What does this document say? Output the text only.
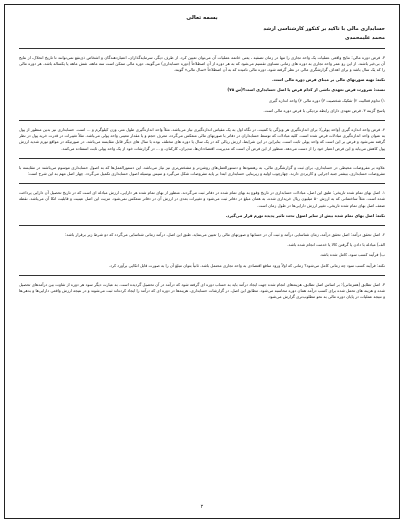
بسمه تعالی
حسابداری مالی با تاکید بر کنکور کارشناسی ارشد
محمد علیمحمدی

۳. فرض دوره مالی: نتایج واقعی عملیات یک واحد تجاری را تنها در زمان تصفیه ، یعنی خاتمه عملیات آن می‌توان تعیین کرد. از طرف دیگر، سرمایه‌گذاران، اعتباردهندگان و اشخاص ذی‌نفع نمی‌توانند تا تاریخ انحلال، از نتایج آن بی‌خبر باشند. از این رو عمر واحد تجاری به دوره های زمانی مساوی تقسیم می‌شود که به هر دوره از آن اصطلاحاً (دوره حسابداری) می‌گویند. دوره مالی ممکن است سه ماهه، شش ماهه یا یکساله باشد. هر دوره مالی را که یک سال باشد و برای اهداف گزارشگری مالی در نظر گرفته شود، دوره مالی نامیده که به آن اصطلاحاً «سال مالی» گویند.

نکته: تهیه صورتهای مالی بر مبنای فرض دوره مالی است.

تست: ضرورت فرض تعهدی ناشی از کدام فرض یا اصل حسابداری است؟(س ۷۵)

۱) تداوم فعالیت ۲) تفکیک شخصیت ۳) دوره مالی ۴) واحد اندازه گیری

پاسخ گزینه ۳. فرض تعهدی دارای رابطه نزدیکی با فرض دوره مالی است.

۴. فرض واحد اندازه گیری (واحد پولی): برای اندازه‌گیری هر ویژگی یا کمیت، در نگاه اول به یک مقیاس اندازه‌گیری نیاز می‌باشد. مثلاً واحد اندازه‌گیری طول متر، وزن کیلوگرم و ... است. حسابداری نیز بدین منظور از پول به عنوان واحد اندازه‌گیری مبادلات فرض شده است. کلیه مبادلات که توسط حسابداران در دفاتر با صورتهای مالی منعکس می‌گردد، معرف حجم و یا مقدار معینی واحد پولی می‌باشد. مثلاً تغییرات در قدرت خرید پول در نظر گرفته نمی‌شود و فرض بر این است که واحد پولی ثابت است. بنابراین در این شرایط، ارزش ریالی که در یک سال یا دوره های مختلف بوده با سال های دیگر قابل مقایسه می‌باشد. در صورتیکه در مواقع تورم شدید ارزش پول کاهش می‌یابد و این فرض اعتبار خود را از دست می‌دهد. منظور از این فرض آن است که مدیریت، اقتصاددان‌ها، مدیران، کارکنان، و ... در گزارشات خود از یک واحد پولی ثابت استفاده می‌کنند.

علاوه بر مفروضات محیطی در حسابداری، برای ثبت و گزارشگری مالی، به رهنمودها و دستورالعمل‌های روشن‌تر و مشخص‌تری نیز نیاز می‌باشد. این دستورالعمل‌ها که به اصول حسابداری موسوم می‌باشند در مقایسه با مفروضات حسابداری، بیشتر جنبه اجرایی و کاربردی دارند. چهارچوب اولیه و زیربنایی حسابداری ابتدا بر پایه مفروضات شکل می‌گیرد و سپس بوسیله اصول حسابداری تکمیل می‌گردد. چهار اصل مهم به این شرح است:

۱. اصل بهای تمام شده تاریخی: طبق این اصل، مبادلات حسابداری در تاریخ وقوع به بهای تمام شده در دفاتر ثبت می‌گردند. منظور از بهای تمام شده هر دارایی، ارزش مبادله ای است که در تاریخ تحصیل آن دارایی پرداخت شده است. مثلاً ساختمانی که به ارزش ۵۰ میلیون ریال خریداری شده، به همان مبلغ در دفاتر ثبت می‌شود و تغییرات بعدی در ارزش آن در دفاتر منعکس نمی‌شود. مزیت این اصل عینیت و قابلیت اتکا آن می‌باشد. نقطه ضعف اصل بهای تمام شده تاریخی، تغییر ارزش دارایی‌ها در طول زمان است.

نکته: اصل بهای تمام شده بیش از سایر اصول تحت تاثیر پدیده تورم قرار می‌گیرد.

۲. اصل تحقق درآمد: اصل تحقق درآمد، زمان شناسایی درآمد و ثبت آن در حسابها و صورتهای مالی را تعیین می‌نماید. طبق این اصل، درآمد زمانی شناسایی می‌گردد که دو شرط زیر برقرار باشد:

الف) مبادله با دادن یا گرفتن کالا یا خدمت انجام شده باشد.

ب) فرآیند کسب سود، کامل شده باشد.

نکته: فرآیند کسب سود چه زمانی کامل می‌شود؟ زمانی که اولاً ورود منافع اقتصادی به واحد تجاری محتمل باشد. ثانیاً بتوان مبلغ آن را به صورت قابل اتکایی برآورد کرد.

۳. اصل تطابق (همزمانی): بر اساس اصل تطابق، هزینه‌های انجام شده جهت ایجاد درآمد باید به حساب دوره ای گرفته شود که درآمد در آن تحصیل گردیده است. به عبارت دیگر سود هر دوره از تفاوت بین درآمدهای تحصیل شده و هزینه های تحمل شده برای کسب درآمد همان دوره محاسبه می‌شود. مطابق این اصل، در گزارشات حسابداری، هزینه‌ها در دوره ای که درآمد را ایجاد کرده‌اند ثبت می‌شوند و در نتیجه ارزش واقعی دارایی‌ها و بدهی‌ها و نتیجه عملیات در پایان دوره مالی به نحو مطلوب‌تری گزارش می‌شود.

۲
